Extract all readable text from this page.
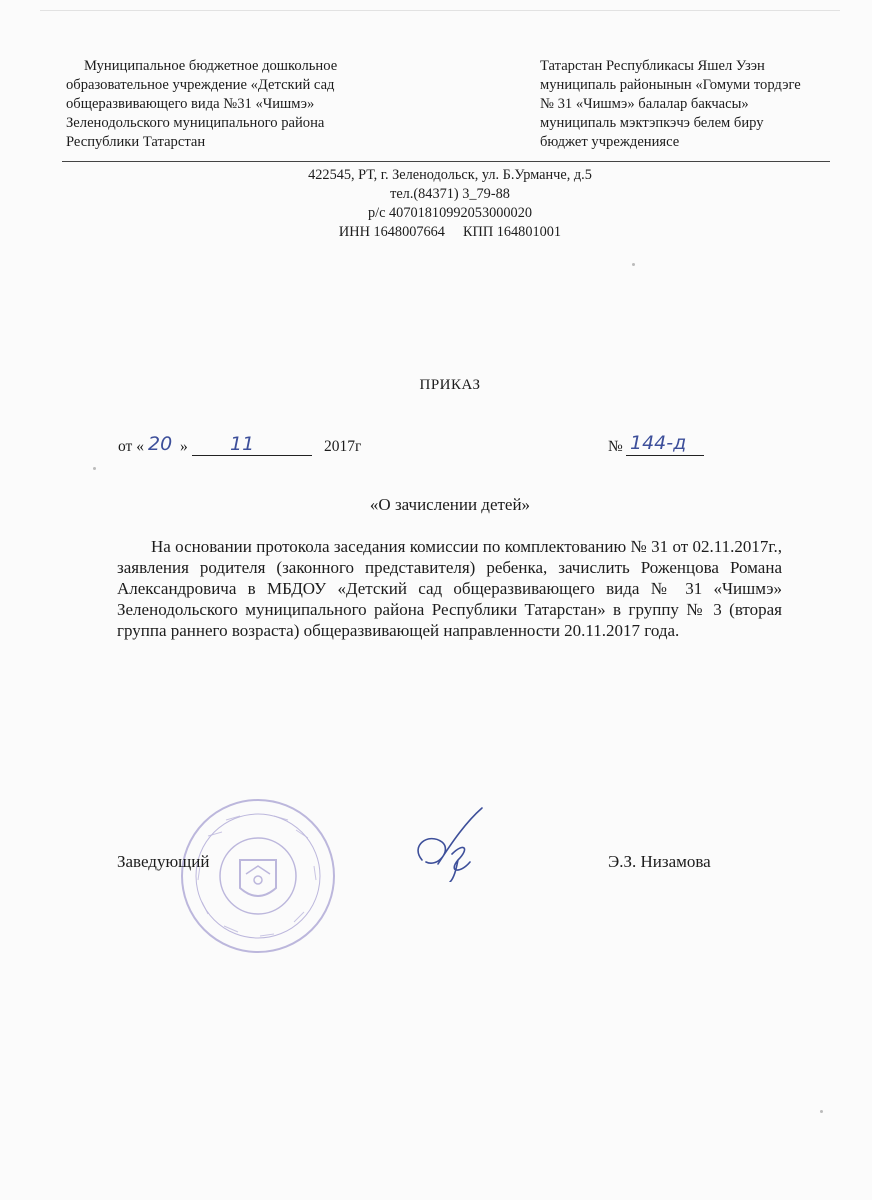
Муниципальное бюджетное дошкольное
образовательное учреждение «Детский сад
общеразвивающего вида №31 «Чишмэ»
Зеленодольского муниципального района
Республики Татарстан
Татарстан Республикасы Яшел Узэн
муниципаль районынын «Гомуми тордэге
№ 31 «Чишмэ» балалар бакчасы»
муниципаль мэктэпкэчэ белем биру
бюджет учреждениясе
422545, РТ, г. Зеленодольск, ул. Б.Урманче, д.5
тел.(84371) 3_79-88
р/с 40701810992053000020
ИНН 1648007664 КПП 164801001
ПРИКАЗ
от « 20 » 11	2017г	№ 144-д
«О зачислении детей»
На основании протокола заседания комиссии по комплектованию № 31 от 02.11.2017г., заявления родителя (законного представителя) ребенка, зачислить Роженцова Романа Александровича в МБДОУ «Детский сад общеразвивающего вида № 31 «Чишмэ» Зеленодольского муниципального района Республики Татарстан» в группу № 3 (вторая группа раннего возраста) общеразвивающей направленности 20.11.2017 года.
Заведующий	Э.З. Низамова
